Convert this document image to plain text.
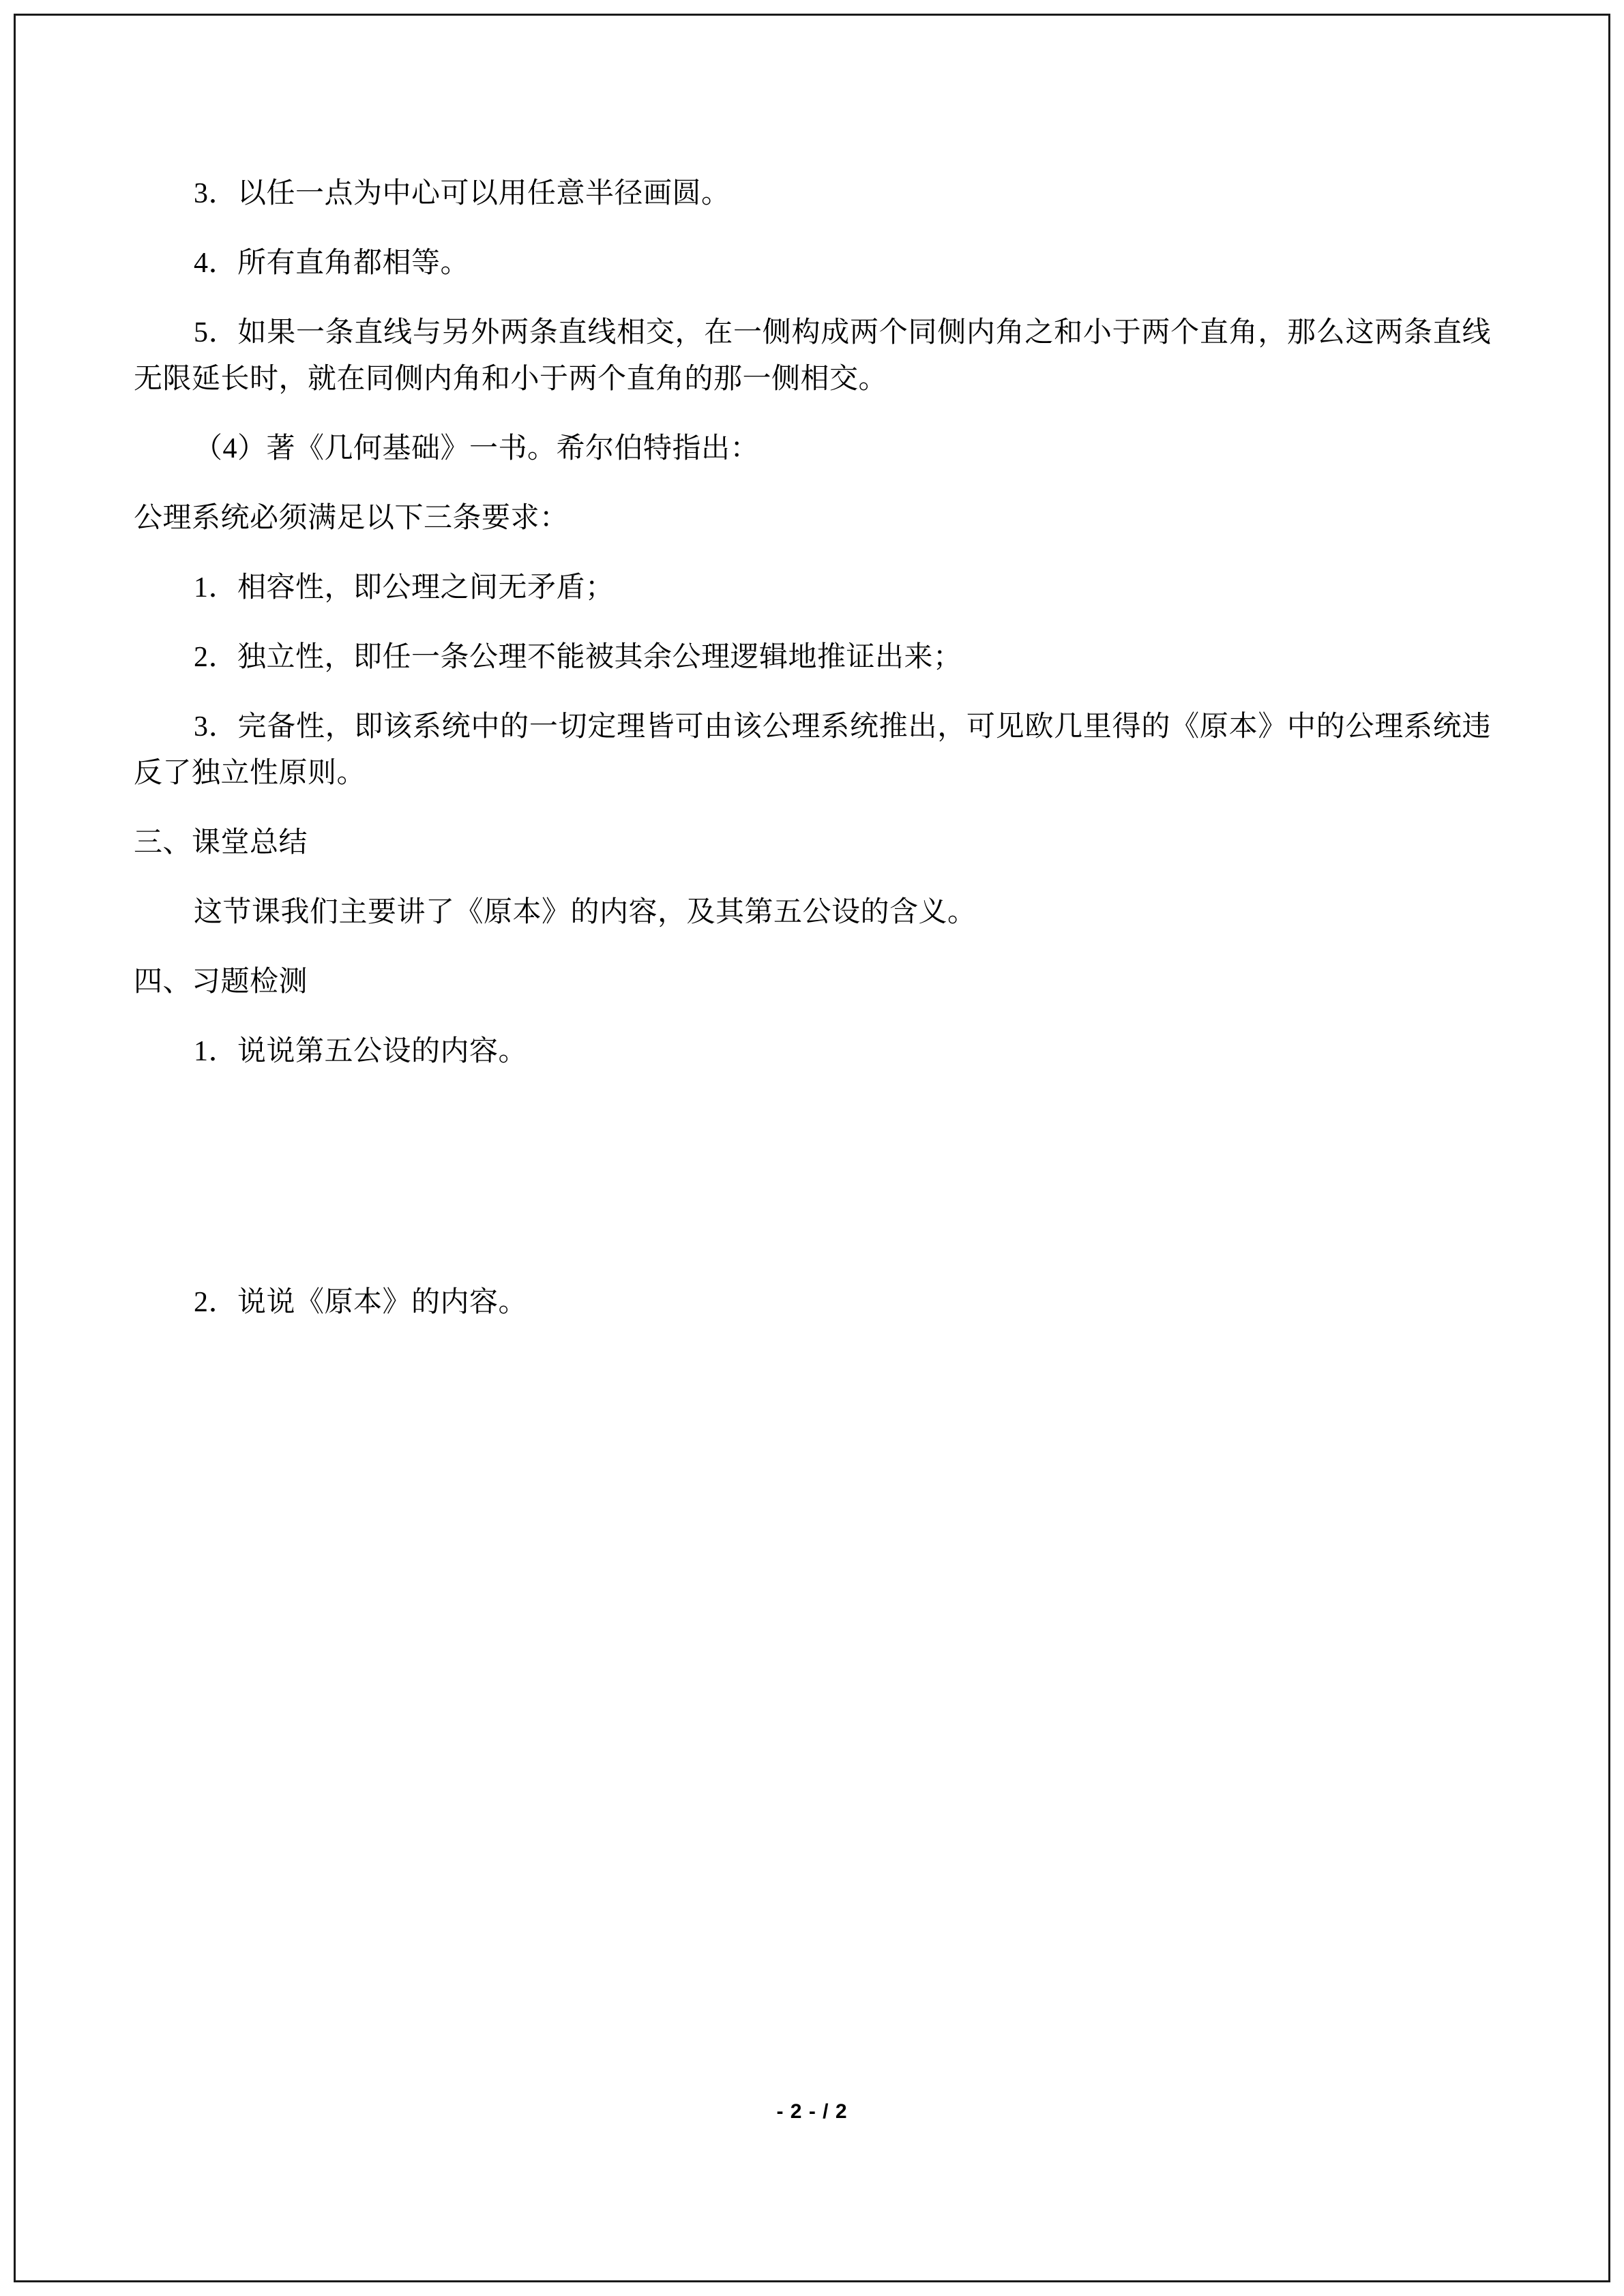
3．以任一点为中心可以用任意半径画圆。

4．所有直角都相等。

5．如果一条直线与另外两条直线相交，在一侧构成两个同侧内角之和小于两个直角，那么这两条直线无限延长时，就在同侧内角和小于两个直角的那一侧相交。

（4）著《几何基础》一书。希尔伯特指出：

公理系统必须满足以下三条要求：

1．相容性，即公理之间无矛盾；

2．独立性，即任一条公理不能被其余公理逻辑地推证出来；

3．完备性，即该系统中的一切定理皆可由该公理系统推出，可见欧几里得的《原本》中的公理系统违反了独立性原则。

三、课堂总结

这节课我们主要讲了《原本》的内容，及其第五公设的含义。

四、习题检测

1．说说第五公设的内容。

2．说说《原本》的内容。

- 2 - / 2
